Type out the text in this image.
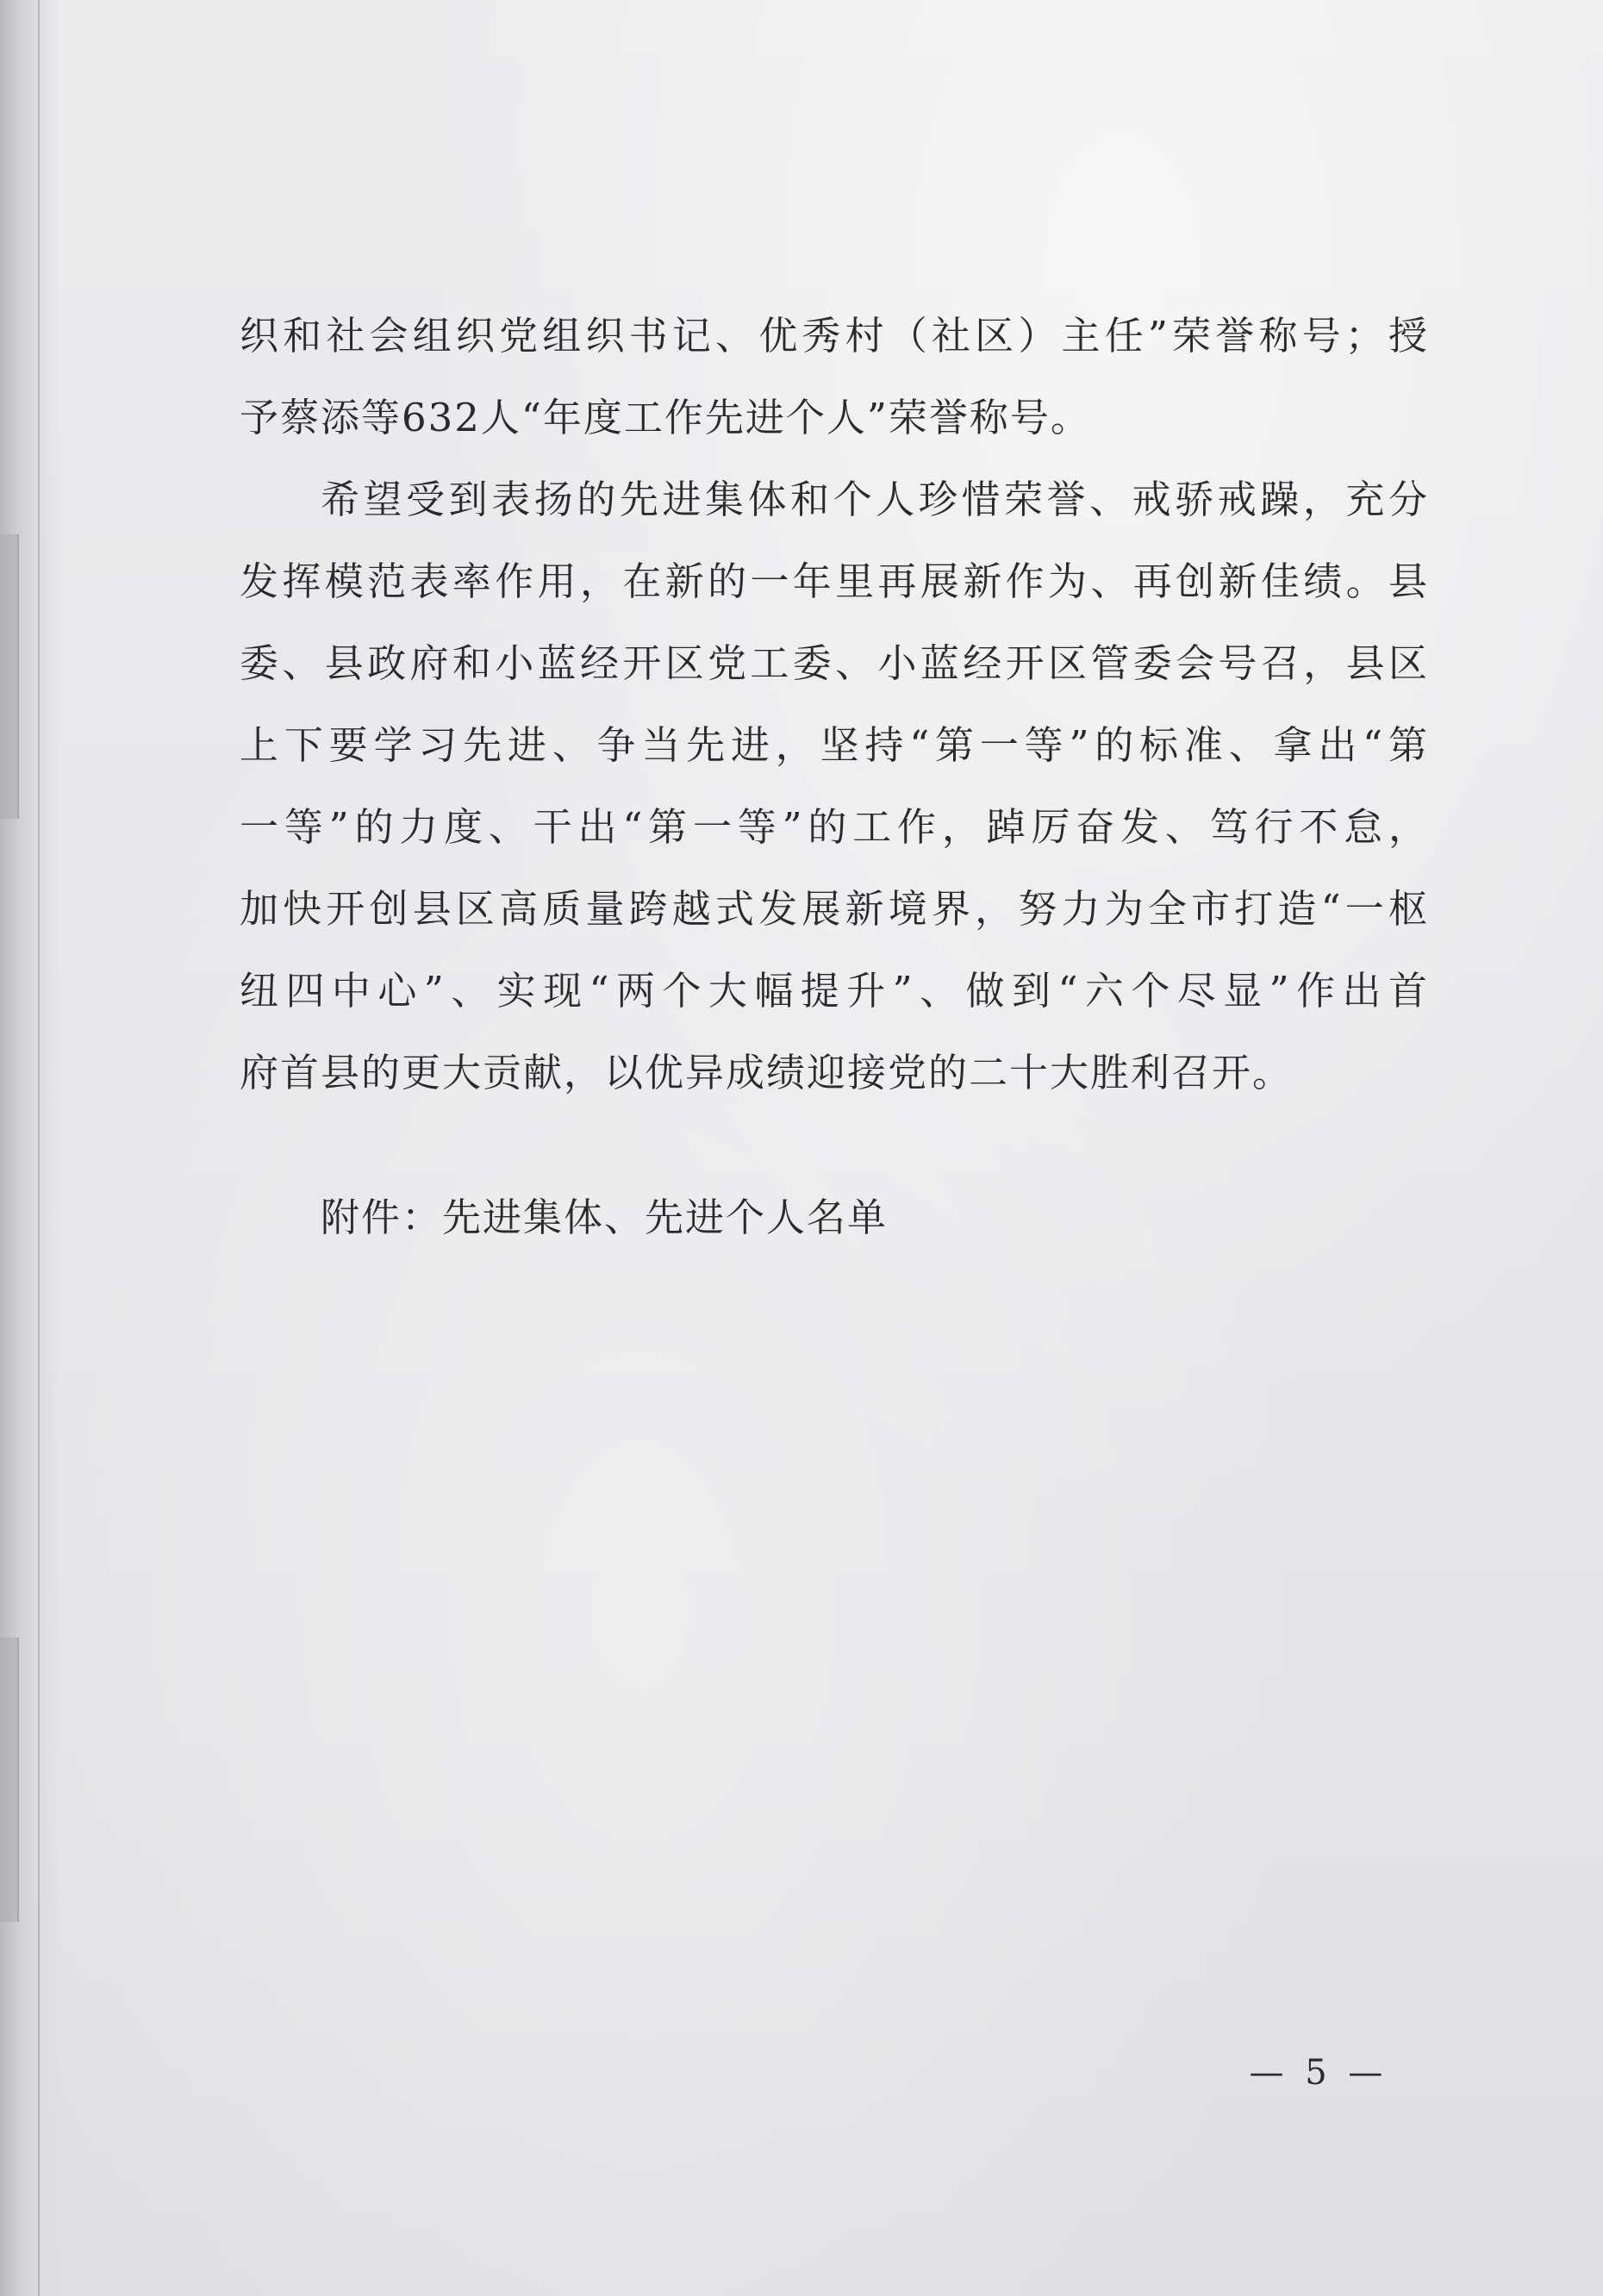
织和社会组织党组织书记、优秀村（社区）主任”荣誉称号；授
予蔡添等632人“年度工作先进个人”荣誉称号。
希望受到表扬的先进集体和个人珍惜荣誉、戒骄戒躁，充分
发挥模范表率作用，在新的一年里再展新作为、再创新佳绩。县
委、县政府和小蓝经开区党工委、小蓝经开区管委会号召，县区
上下要学习先进、争当先进，坚持“第一等”的标准、拿出“第
一等”的力度、干出“第一等”的工作，踔厉奋发、笃行不怠，
加快开创县区高质量跨越式发展新境界，努力为全市打造“一枢
纽四中心”、实现“两个大幅提升”、做到“六个尽显”作出首
府首县的更大贡献，以优异成绩迎接党的二十大胜利召开。
附件：先进集体、先进个人名单
— 5 —
